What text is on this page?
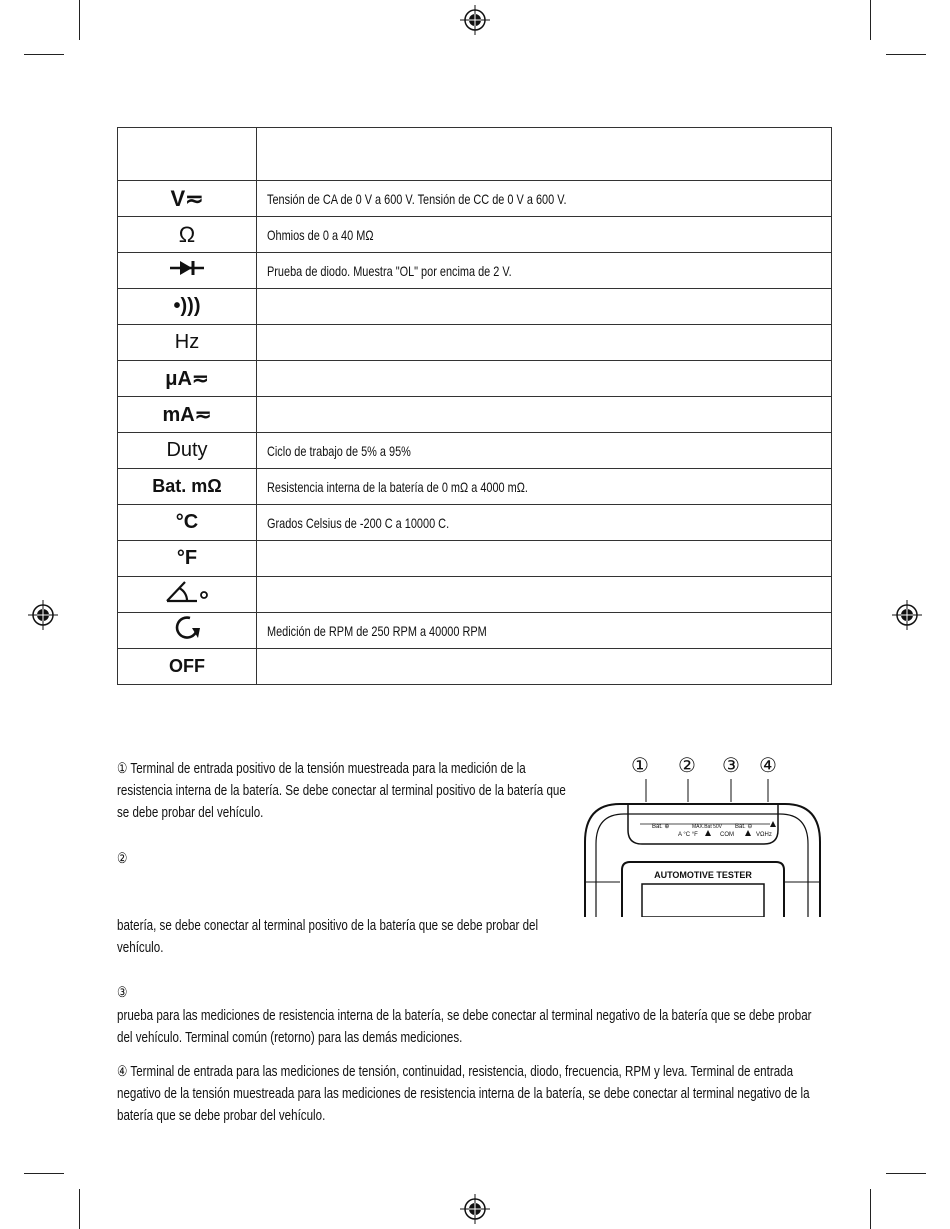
V≂	Tensión de CA de 0 V a 600 V. Tensión de CC de 0 V a 600 V.
Ω	Ohmios de 0 a 40 MΩ
	Prueba de diodo. Muestra "OL" por encima de 2 V.
•)))	
Hz	
μA≂	
mA≂	
Duty	Ciclo de trabajo de 5% a 95%
Bat. mΩ	Resistencia interna de la batería de 0 mΩ a 4000 mΩ.
°C	Grados Celsius de -200 C a 10000 C.
°F	

	Medición de RPM de 250 RPM a 40000 RPM
OFF	
① Terminal de entrada positivo de la tensión muestreada para la medición de la
resistencia interna de la batería. Se debe conectar al terminal positivo de la batería que
se debe probar del vehículo.
②
batería, se debe conectar al terminal positivo de la batería que se debe probar del
vehículo.
③
prueba para las mediciones de resistencia interna de la batería, se debe conectar al terminal negativo de la batería que se debe probar
del vehículo. Terminal común (retorno) para las demás mediciones.
④ Terminal de entrada para las mediciones de tensión, continuidad, resistencia, diodo, frecuencia, RPM y leva. Terminal de entrada
negativo de la tensión muestreada para las mediciones de resistencia interna de la batería, se debe conectar al terminal negativo de la
batería que se debe probar del vehículo.
① ② ③ ④
Bat. ⊕	MAX.Bat 50V Bat. ⊖
A °C °F	COM	VΩHz
AUTOMOTIVE TESTER
